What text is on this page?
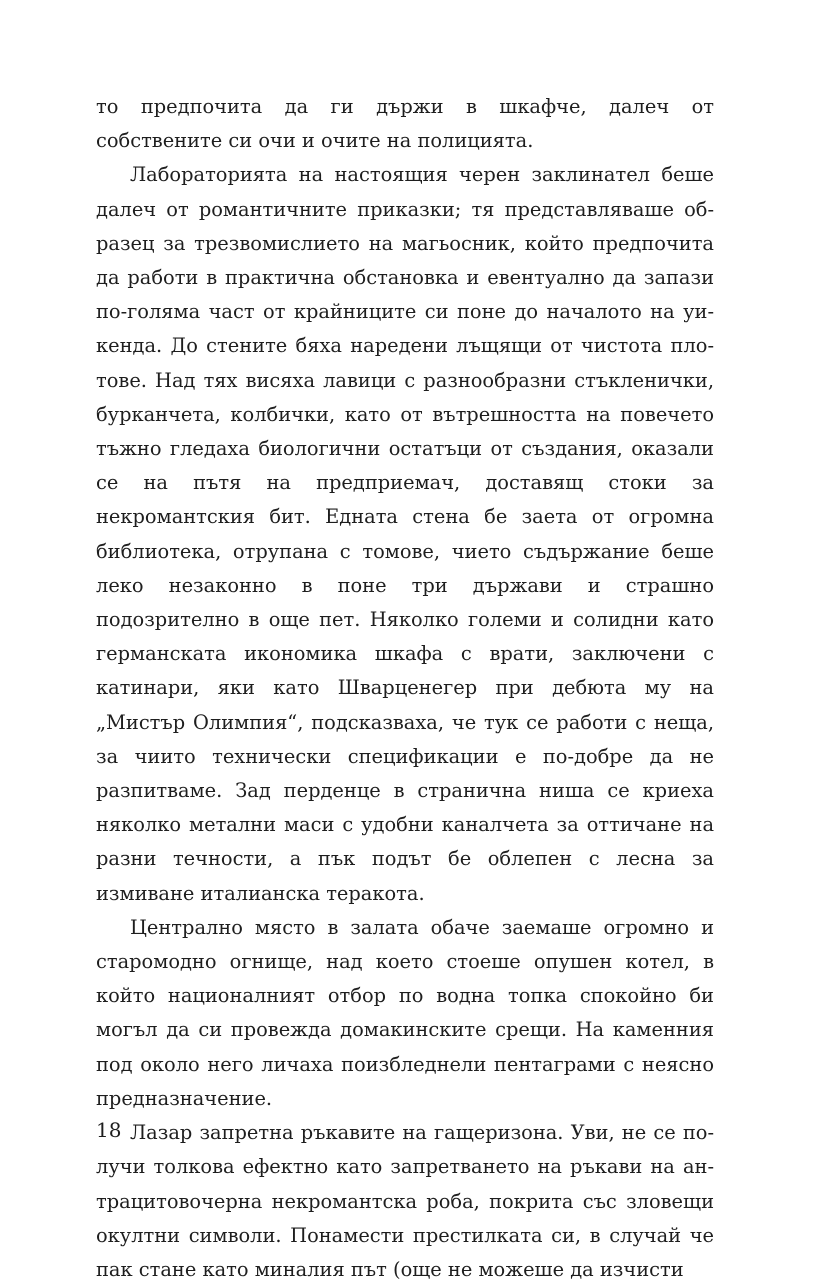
то предпочита да ги държи в шкафче, далеч от собствените си очи и очите на полицията.

Лабораторията на настоящия черен заклинател беше далеч от романтичните приказки; тя представляваше образец за трезвомислието на магьосник, който предпочита да работи в практична обстановка и евентуално да запази по-голяма част от крайниците си поне до началото на уикенда. До стените бяха наредени лъщящи от чистота плотове. Над тях висяха лавици с разнообразни стъкленички, бурканчета, колбички, като от вътрешността на повечето тъжно гледаха биологични остатъци от създания, оказали се на пътя на предприемач, доставящ стоки за некромантския бит. Едната стена бе заета от огромна библиотека, отрупана с томове, чието съдържание беше леко незаконно в поне три държави и страшно подозрително в още пет. Няколко големи и солидни като германската икономика шкафа с врати, заключени с катинари, яки като Шварценегер при дебюта му на „Мистър Олимпия“, подсказваха, че тук се работи с неща, за чиито технически спецификации е по-добре да не разпитваме. Зад перденце в странична ниша се криеха няколко метални маси с удобни каналчета за оттичане на разни течности, а пък подът бе облепен с лесна за измиване италианска теракота.

Централно място в залата обаче заемаше огромно и старомодно огнище, над което стоеше опушен котел, в който националният отбор по водна топка спокойно би могъл да си провежда домакинските срещи. На каменния под около него личаха поизбледнели пентаграми с неясно предназначение.

Лазар запретна ръкавите на гащеризона. Уви, не се получи толкова ефектно като запретването на ръкави на антрацитовочерна некромантска роба, покрита със зловещи окултни символи. Понамести престилката си, в случай че пак стане като миналия път (още не можеше да изчисти

18
